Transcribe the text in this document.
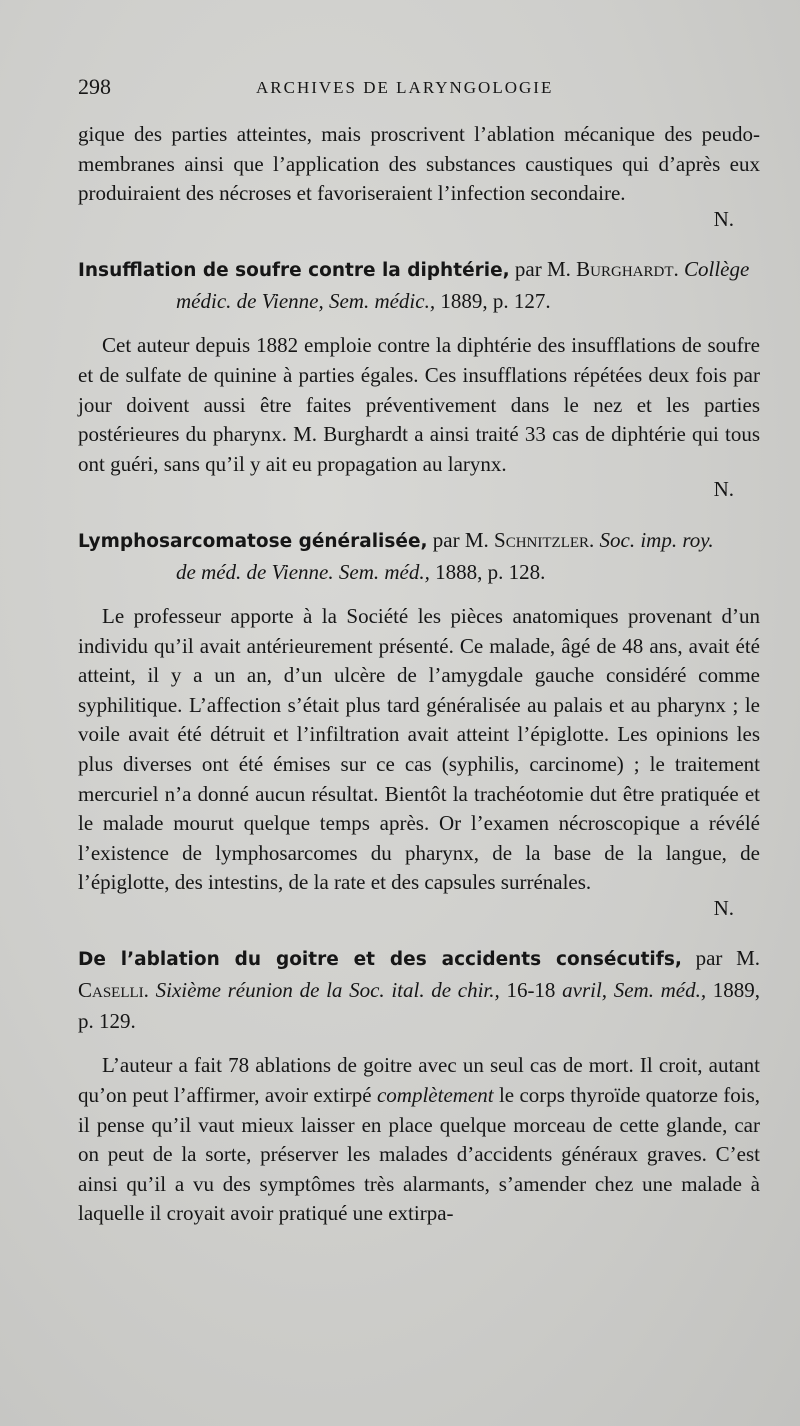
298	ARCHIVES DE LARYNGOLOGIE

gique des parties atteintes, mais proscrivent l’ablation mécanique des peudo-membranes ainsi que l’application des substances caustiques qui d’après eux produiraient des nécroses et favoriseraient l’infection secondaire.

N.

Insufflation de soufre contre la diphtérie, par M. Burghardt. Collège
médic. de Vienne, Sem. médic., 1889, p. 127.

Cet auteur depuis 1882 emploie contre la diphtérie des insufflations de soufre et de sulfate de quinine à parties égales. Ces insufflations répétées deux fois par jour doivent aussi être faites préventivement dans le nez et les parties postérieures du pharynx. M. Burghardt a ainsi traité 33 cas de diphtérie qui tous ont guéri, sans qu’il y ait eu propagation au larynx.

N.

Lymphosarcomatose généralisée, par M. Schnitzler. Soc. imp. roy.
de méd. de Vienne. Sem. méd., 1888, p. 128.

Le professeur apporte à la Société les pièces anatomiques provenant d’un individu qu’il avait antérieurement présenté. Ce malade, âgé de 48 ans, avait été atteint, il y a un an, d’un ulcère de l’amygdale gauche considéré comme syphilitique. L’affection s’était plus tard généralisée au palais et au pharynx ; le voile avait été détruit et l’infiltration avait atteint l’épiglotte. Les opinions les plus diverses ont été émises sur ce cas (syphilis, carcinome) ; le traitement mercuriel n’a donné aucun résultat. Bientôt la trachéotomie dut être pratiquée et le malade mourut quelque temps après. Or l’examen nécroscopique a révélé l’existence de lymphosarcomes du pharynx, de la base de la langue, de l’épiglotte, des intestins, de la rate et des capsules surrénales.

N.

De l’ablation du goitre et des accidents consécutifs, par M. Caselli. Sixième réunion de la Soc. ital. de chir., 16-18 avril, Sem. méd., 1889, p. 129.

L’auteur a fait 78 ablations de goitre avec un seul cas de mort. Il croit, autant qu’on peut l’affirmer, avoir extirpé complètement le corps thyroïde quatorze fois, il pense qu’il vaut mieux laisser en place quelque morceau de cette glande, car on peut de la sorte, préserver les malades d’accidents généraux graves. C’est ainsi qu’il a vu des symptômes très alarmants, s’amender chez une malade à laquelle il croyait avoir pratiqué une extirpa-
